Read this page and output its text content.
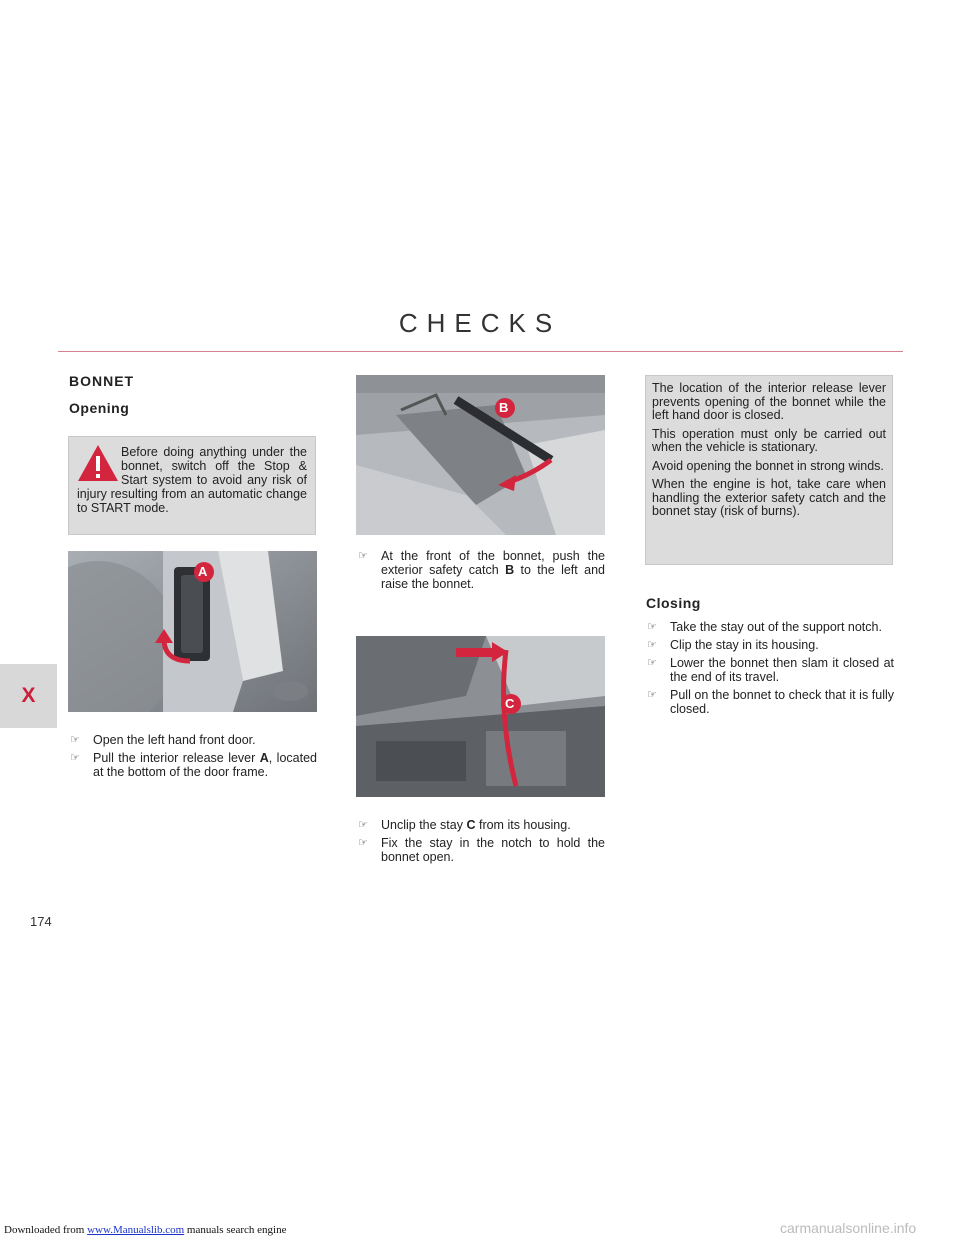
CHECKS
X
174
BONNET
Opening

Before doing anything under the bonnet, switch off the Stop & Start system to avoid any risk of injury resulting from an automatic change to START mode.

A
☞ Open the left hand front door.
☞ Pull the interior release lever A, located at the bottom of the door frame.
B
☞ At the front of the bonnet, push the exterior safety catch B to the left and raise the bonnet.
C
☞ Unclip the stay C from its housing.
☞ Fix the stay in the notch to hold the bonnet open.

The location of the interior release lever prevents opening of the bonnet while the left hand door is closed.

This operation must only be carried out when the vehicle is stationary.

Avoid opening the bonnet in strong winds.

When the engine is hot, take care when handling the exterior safety catch and the bonnet stay (risk of burns).

Closing
☞ Take the stay out of the support notch.
☞ Clip the stay in its housing.
☞ Lower the bonnet then slam it closed at the end of its travel.
☞ Pull on the bonnet to check that it is fully closed.
Downloaded from www.Manualslib.com manuals search engine	carmanualsonline.info
